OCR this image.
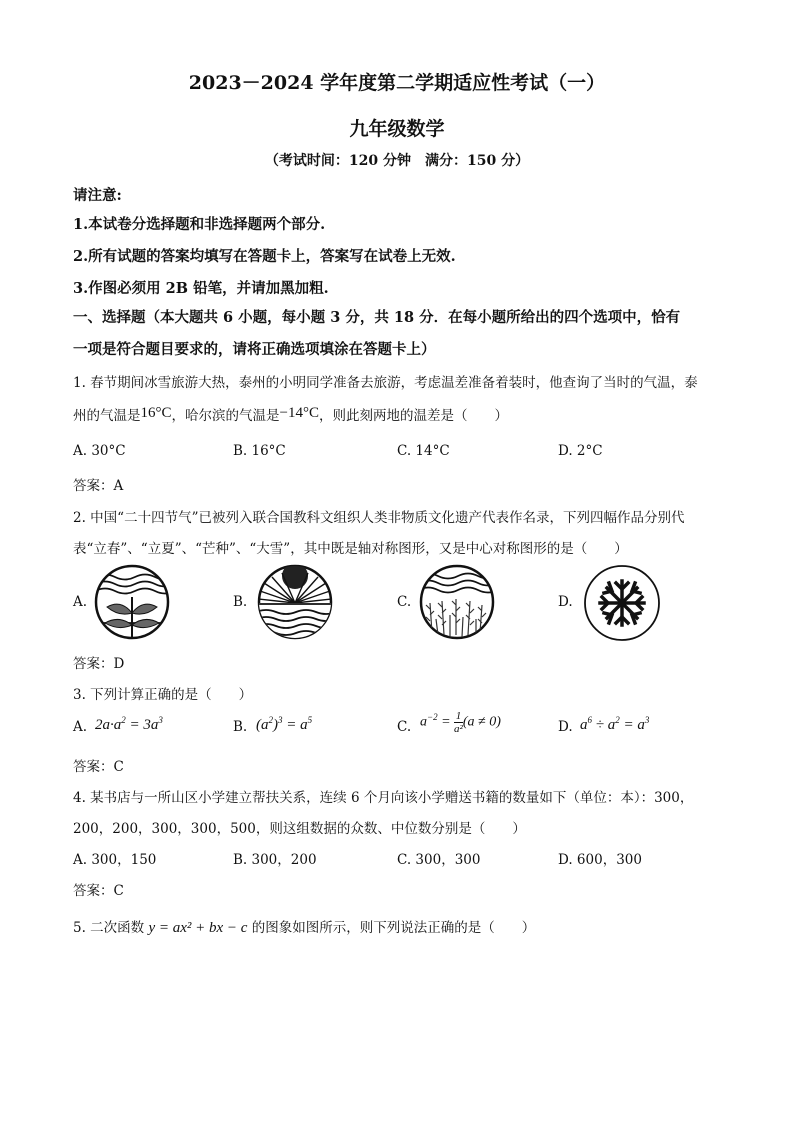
2023－2024 学年度第二学期适应性考试（一）
九年级数学
（考试时间：120 分钟　满分：150 分）
请注意:
1.本试卷分选择题和非选择题两个部分.
2.所有试题的答案均填写在答题卡上，答案写在试卷上无效.
3.作图必须用 2B 铅笔，并请加黑加粗.
一、选择题（本大题共 6 小题，每小题 3 分，共 18 分．在每小题所给出的四个选项中，恰有
一项是符合题目要求的，请将正确选项填涂在答题卡上）
1. 春节期间冰雪旅游大热，泰州的小明同学准备去旅游，考虑温差准备着装时，他查询了当时的气温，泰
州的气温是16°C，哈尔滨的气温是−14°C，则此刻两地的温差是（　　）
A. 30°C	B. 16°C	C. 14°C	D. 2°C
答案：A
2. 中国“二十四节气”已被列入联合国教科文组织人类非物质文化遗产代表作名录，下列四幅作品分别代
表“立春”、“立夏”、“芒种”、“大雪”，其中既是轴对称图形，又是中心对称图形的是（　　）
A.	B.	C.	D.
答案：D
3. 下列计算正确的是（　　）
A. $2a\cdot a^2 = 3a^3$	B. $(a^2)^3 = a^5$	C. $a^{-2} = \frac{1}{\text{a²}} (a \ne 0)$	D. $a^6 \div a^2 = a^3$
答案：C
4. 某书店与一所山区小学建立帮扶关系，连续 6 个月向该小学赠送书籍的数量如下（单位：本）：300，
200，200，300，300，500，则这组数据的众数、中位数分别是（　　）
A. 300，150	B. 300，200	C. 300，300	D. 600，300
答案：C
5. 二次函数 y = ax² + bx − c 的图象如图所示，则下列说法正确的是（　　）
